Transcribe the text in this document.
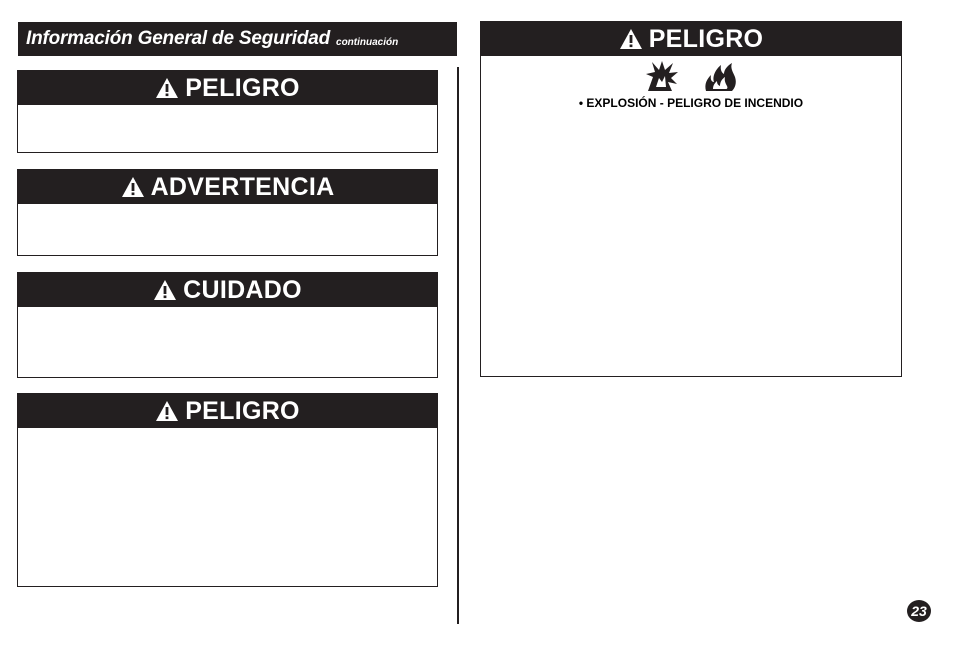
Información General de Seguridad continuación
PELIGRO
ADVERTENCIA
CUIDADO
PELIGRO
PELIGRO
• EXPLOSIÓN - PELIGRO DE INCENDIO
23
